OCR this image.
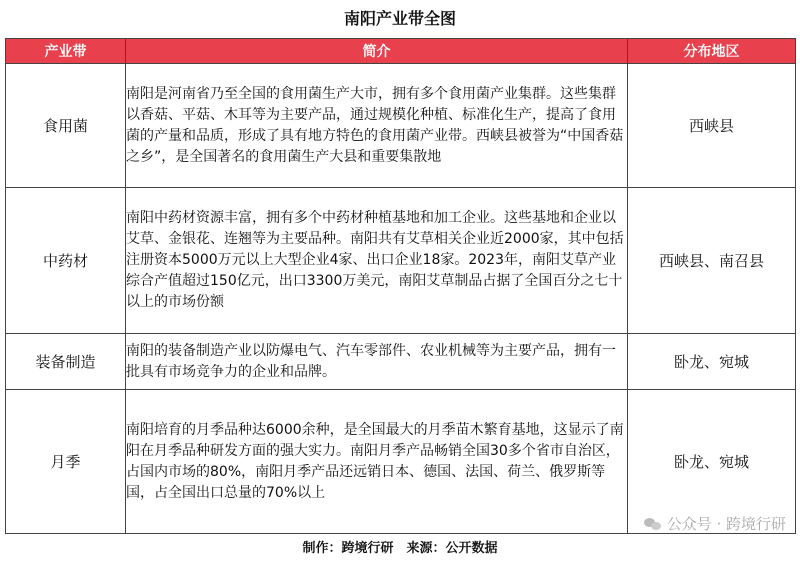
南阳产业带全图
产业带	简介	分布地区
食用菌	南阳是河南省乃至全国的食用菌生产大市，拥有多个食用菌产业集群。这些集群以香菇、平菇、木耳等为主要产品，通过规模化种植、标准化生产，提高了食用菌的产量和品质，形成了具有地方特色的食用菌产业带。西峡县被誉为“中国香菇之乡”，是全国著名的食用菌生产大县和重要集散地	西峡县
中药材	南阳中药材资源丰富，拥有多个中药材种植基地和加工企业。这些基地和企业以艾草、金银花、连翘等为主要品种。南阳共有艾草相关企业近2000家，其中包括注册资本5000万元以上大型企业4家、出口企业18家。2023年，南阳艾草产业综合产值超过150亿元，出口3300万美元，南阳艾草制品占据了全国百分之七十以上的市场份额	西峡县、南召县
装备制造	南阳的装备制造产业以防爆电气、汽车零部件、农业机械等为主要产品，拥有一批具有市场竞争力的企业和品牌。	卧龙、宛城
月季	南阳培育的月季品种达6000余种，是全国最大的月季苗木繁育基地，这显示了南阳在月季品种研发方面的强大实力。南阳月季产品畅销全国30多个省市自治区，占国内市场的80%，南阳月季产品还远销日本、德国、法国、荷兰、俄罗斯等国，占全国出口总量的70%以上	卧龙、宛城
公众号 · 跨境行研
制作：跨境行研　来源：公开数据
